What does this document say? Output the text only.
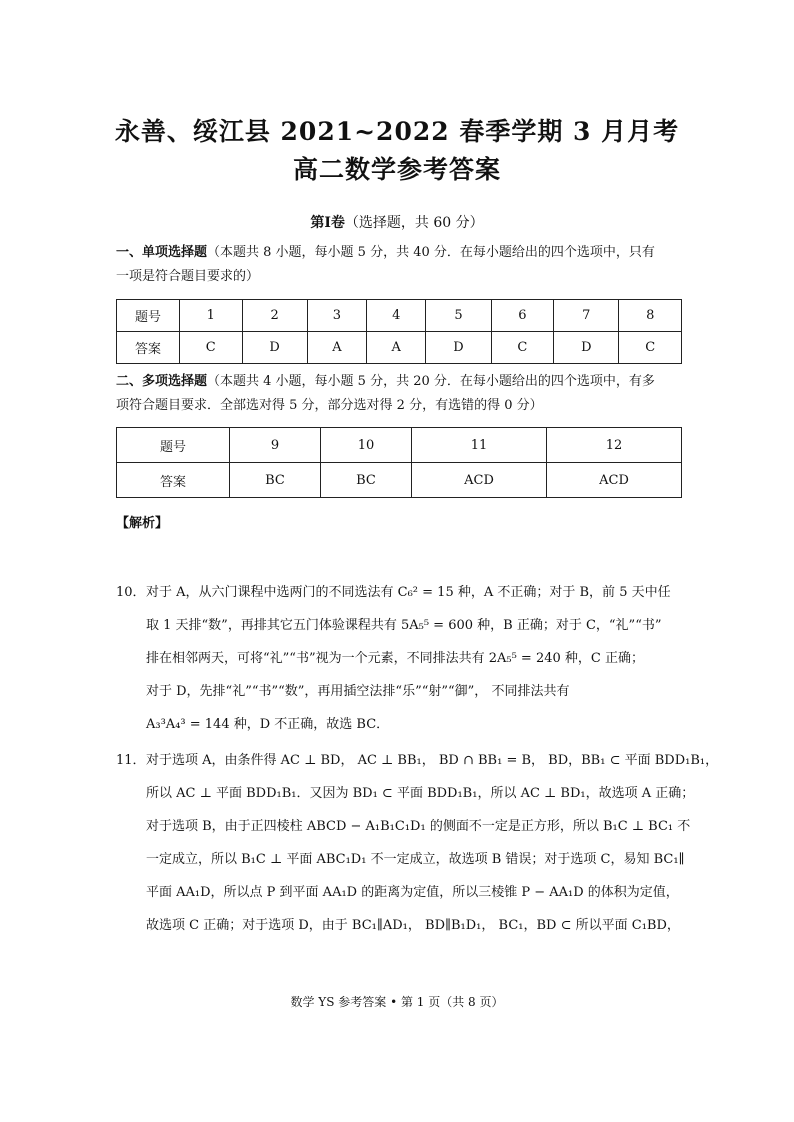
永善、绥江县 2021~2022 春季学期 3 月月考
高二数学参考答案
第Ⅰ卷（选择题，共 60 分）
一、单项选择题（本题共 8 小题，每小题 5 分，共 40 分．在每小题给出的四个选项中，只有
一项是符合题目要求的）
题号	1	2	3	4	5	6	7	8
答案	C	D	A	A	D	C	D	C
二、多项选择题（本题共 4 小题，每小题 5 分，共 20 分．在每小题给出的四个选项中，有多
项符合题目要求．全部选对得 5 分，部分选对得 2 分，有选错的得 0 分）
题号	9	10	11	12
答案	BC	BC	ACD	ACD
【解析】
10．对于 A，从六门课程中选两门的不同选法有 C₆² = 15 种，A 不正确；对于 B，前 5 天中任
取 1 天排“数”，再排其它五门体验课程共有 5A₅⁵ = 600 种，B 正确；对于 C，“礼”“书”
排在相邻两天，可将“礼”“书”视为一个元素，不同排法共有 2A₅⁵ = 240 种，C 正确；
对于 D，先排“礼”“书”“数”，再用插空法排“乐”“射”“御”， 不同排法共有
A₃³A₄³ = 144 种，D 不正确，故选 BC．
11．对于选项 A，由条件得 AC ⊥ BD， AC ⊥ BB₁， BD ∩ BB₁ = B， BD，BB₁ ⊂ 平面 BDD₁B₁，
所以 AC ⊥ 平面 BDD₁B₁．又因为 BD₁ ⊂ 平面 BDD₁B₁，所以 AC ⊥ BD₁，故选项 A 正确；
对于选项 B，由于正四棱柱 ABCD − A₁B₁C₁D₁ 的侧面不一定是正方形，所以 B₁C ⊥ BC₁ 不
一定成立，所以 B₁C ⊥ 平面 ABC₁D₁ 不一定成立，故选项 B 错误；对于选项 C，易知 BC₁∥
平面 AA₁D，所以点 P 到平面 AA₁D 的距离为定值，所以三棱锥 P − AA₁D 的体积为定值，
故选项 C 正确；对于选项 D，由于 BC₁∥AD₁， BD∥B₁D₁， BC₁，BD ⊂ 所以平面 C₁BD，
数学 YS 参考答案 • 第 1 页（共 8 页）
